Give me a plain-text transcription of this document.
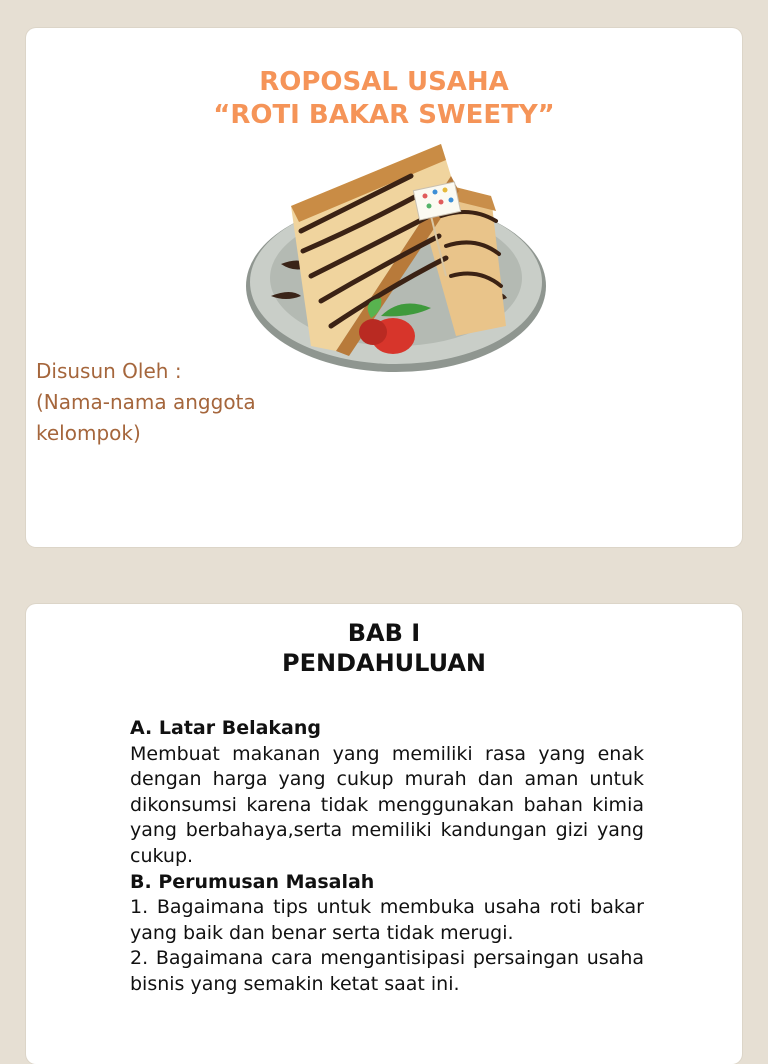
ROPOSAL USAHA
“ROTI BAKAR SWEETY”

Disusun Oleh :
(Nama-nama anggota
kelompok)

BAB I
PENDAHULUAN
A. Latar Belakang

Membuat makanan yang memiliki rasa yang enak dengan harga yang cukup murah dan aman untuk dikonsumsi karena tidak menggunakan bahan kimia yang berbahaya,serta memiliki kandungan gizi yang cukup.

B. Perumusan Masalah

1. Bagaimana tips untuk membuka usaha roti bakar yang baik dan benar serta tidak merugi.

2. Bagaimana cara mengantisipasi persaingan usaha bisnis yang semakin ketat saat ini.
